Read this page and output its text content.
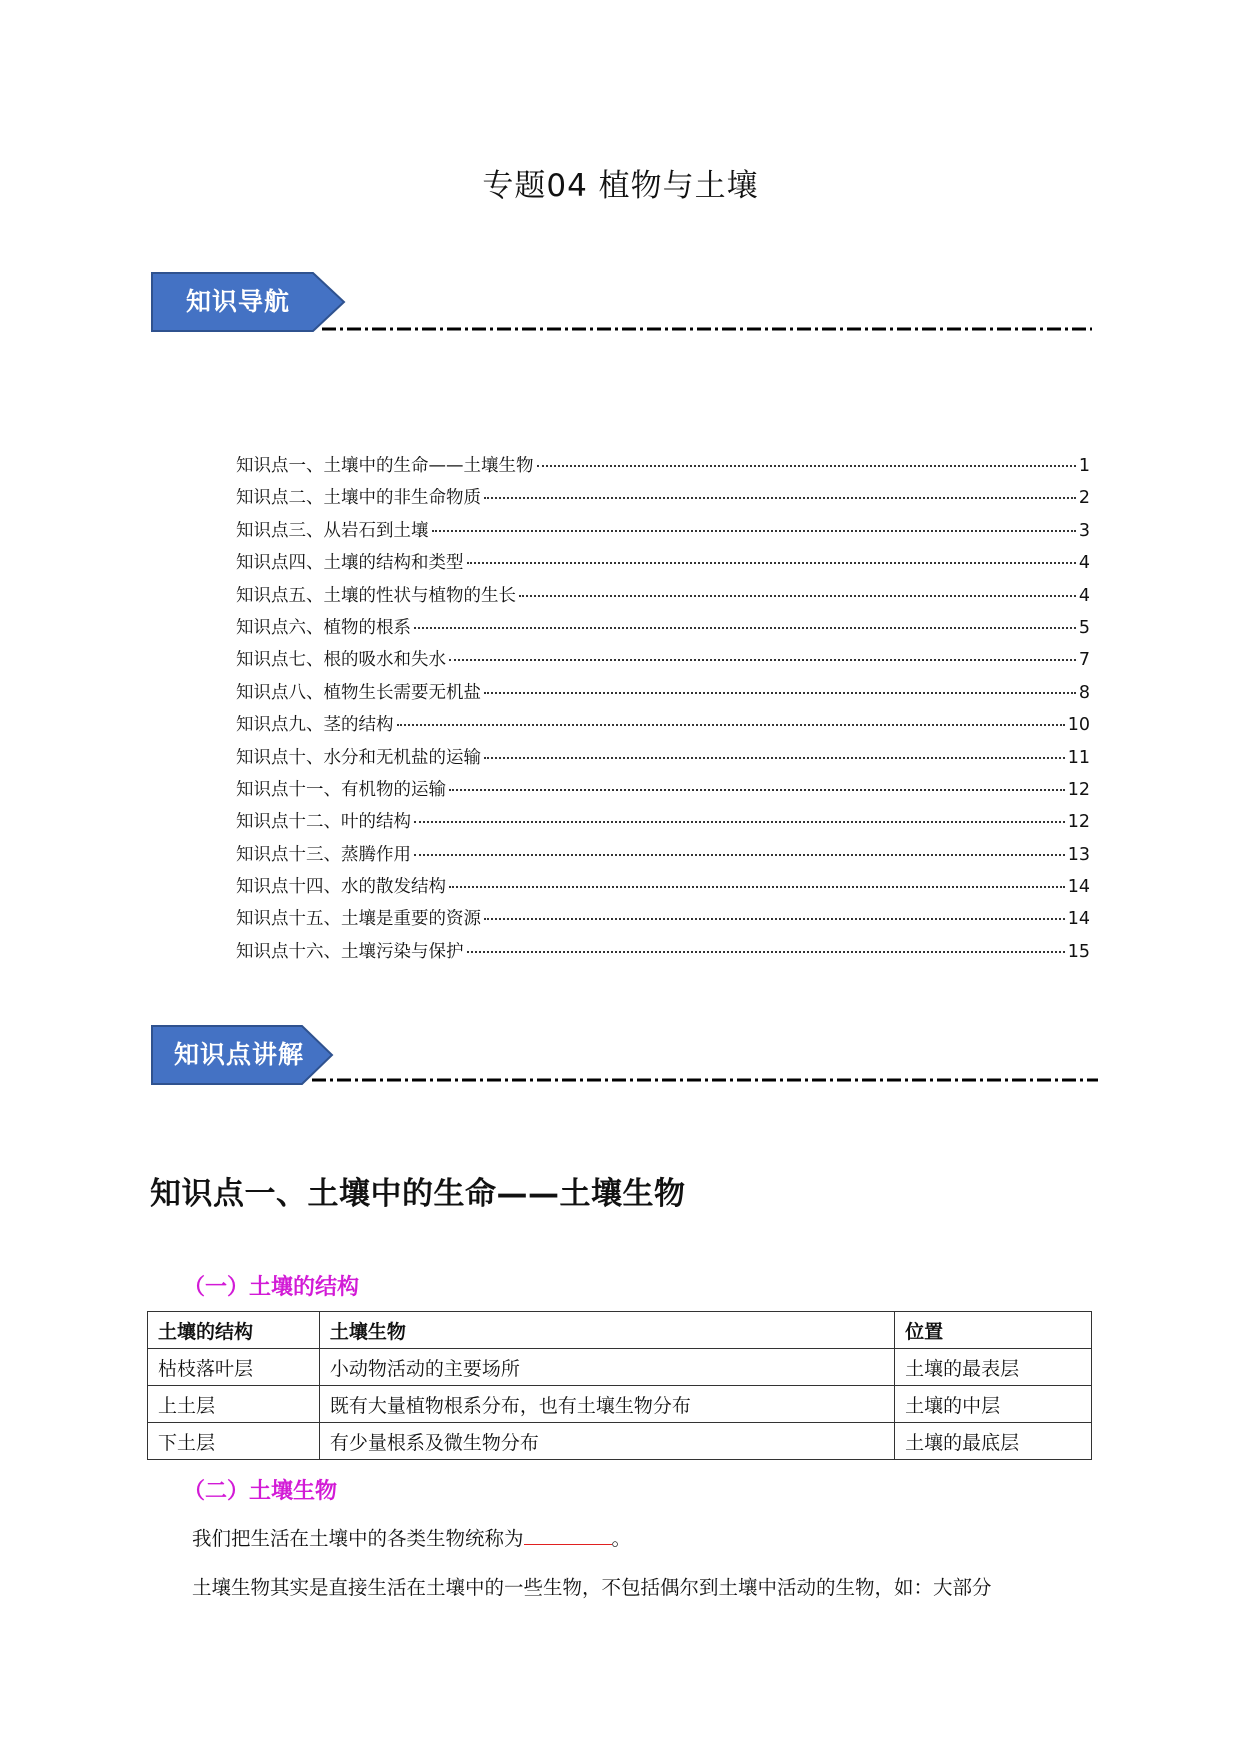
专题04 植物与土壤
知识导航
知识点一、土壤中的生命——土壤生物	1
知识点二、土壤中的非生命物质	2
知识点三、从岩石到土壤	3
知识点四、土壤的结构和类型	4
知识点五、土壤的性状与植物的生长	4
知识点六、植物的根系	5
知识点七、根的吸水和失水	7
知识点八、植物生长需要无机盐	8
知识点九、茎的结构	10
知识点十、水分和无机盐的运输	11
知识点十一、有机物的运输	12
知识点十二、叶的结构	12
知识点十三、蒸腾作用	13
知识点十四、水的散发结构	14
知识点十五、土壤是重要的资源	14
知识点十六、土壤污染与保护	15
知识点讲解
知识点一、土壤中的生命——土壤生物
（一）土壤的结构
土壤的结构	土壤生物	位置
枯枝落叶层	小动物活动的主要场所	土壤的最表层
上土层	既有大量植物根系分布，也有土壤生物分布	土壤的中层
下土层	有少量根系及微生物分布	土壤的最底层
（二）土壤生物
我们把生活在土壤中的各类生物统称为	。
土壤生物其实是直接生活在土壤中的一些生物，不包括偶尔到土壤中活动的生物，如：大部分
